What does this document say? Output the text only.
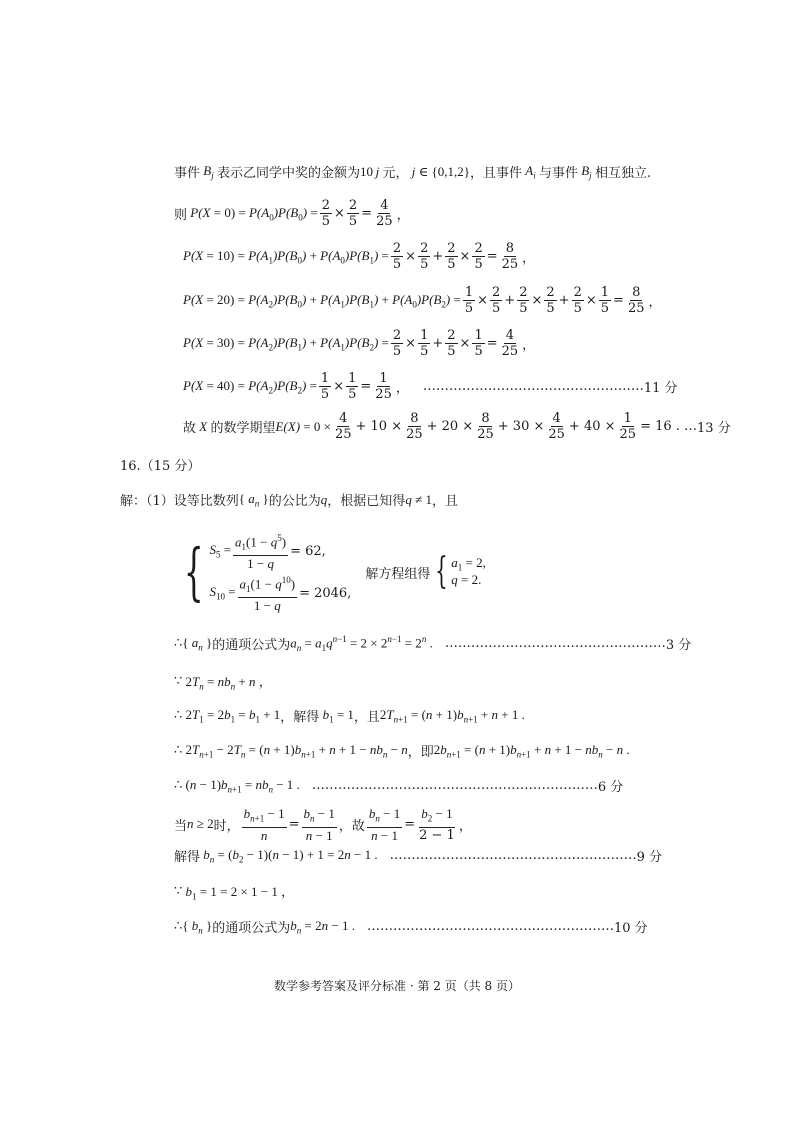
事件 $B_j$ 表示乙同学中奖的金额为 10 j 元， j ∈ {0,1,2} ，且事件 $A_i$ 与事件 $B_j$ 相互独立.
则 $P(X = 0) = P(A_0)P(B_0) = \frac{2}{5} \times \frac{2}{5} = \frac{4}{25}$ ，
$P(X = 10) = P(A_1)P(B_0) + P(A_0)P(B_1) = \frac{2}{5} \times \frac{2}{5} + \frac{2}{5} \times \frac{2}{5} = \frac{8}{25}$ ，
$P(X = 20) = P(A_2)P(B_0) + P(A_1)P(B_1) + P(A_0)P(B_2) = \frac{1}{5} \times \frac{2}{5} + \frac{2}{5} \times \frac{2}{5} + \frac{2}{5} \times \frac{1}{5} = \frac{8}{25}$ ，
$P(X = 30) = P(A_2)P(B_1) + P(A_1)P(B_2) = \frac{2}{5} \times \frac{1}{5} + \frac{2}{5} \times \frac{1}{5} = \frac{4}{25}$ ，
$P(X = 40) = P(A_2)P(B_2) = \frac{1}{5} \times \frac{1}{5} = \frac{1}{25}$ ， …………………………………………… 11 分
故 X 的数学期望 $E(X) = 0 \times \frac{4}{25} + 10 \times \frac{8}{25} + 20 \times \frac{8}{25} + 30 \times \frac{4}{25} + 40 \times \frac{1}{25} = 16$ . … 13 分
16.（15 分）
解：（1）设等比数列 { $a_n$ } 的公比为 q ，根据已知得 q ≠ 1 ，且
{ $S_5 = \frac{a_1(1 - q^5)}{1 - q} = 62$,
$S_{10} = \frac{a_1(1 - q^{10})}{1 - q} = 2046$,
解方程组得 { $a_1 = 2$,
q = 2.
∴ { $a_n$ } 的通项公式为 $a_n = a_1q^{n-1} = 2 \times 2^{n-1} = 2^n$ . …………………………………………… 3 分
∵ $2T_n = nb_n + n$ ，
∴ $2T_1 = 2b_1 = b_1 + 1$ ，解得 $b_1 = 1$ ，且 $2T_{n+1} = (n + 1)b_{n+1} + n + 1$ .
∴ $2T_{n+1} - 2T_n = (n + 1)b_{n+1} + n + 1 - nb_n - n$ ，即 $2b_{n+1} = (n + 1)b_{n+1} + n + 1 - nb_n - n$ .
∴ $(n - 1)b_{n+1} = nb_n - 1$ . ………………………………………………………… 6 分
当 n ≥ 2 时， $\frac{b_{n+1} - 1}{n} = \frac{b_n - 1}{n - 1}$ ，故 $\frac{b_n - 1}{n - 1} = \frac{b_2 - 1}{2 - 1}$ ，
解得 $b_n = (b_2 - 1)(n - 1) + 1 = 2n - 1$ . ………………………………………………… 9 分
∵ $b_1 = 1 = 2 \times 1 - 1$ ，
∴ { $b_n$ } 的通项公式为 $b_n = 2n - 1$ . ………………………………………………… 10 分
数学参考答案及评分标准 · 第 2 页（共 8 页）
